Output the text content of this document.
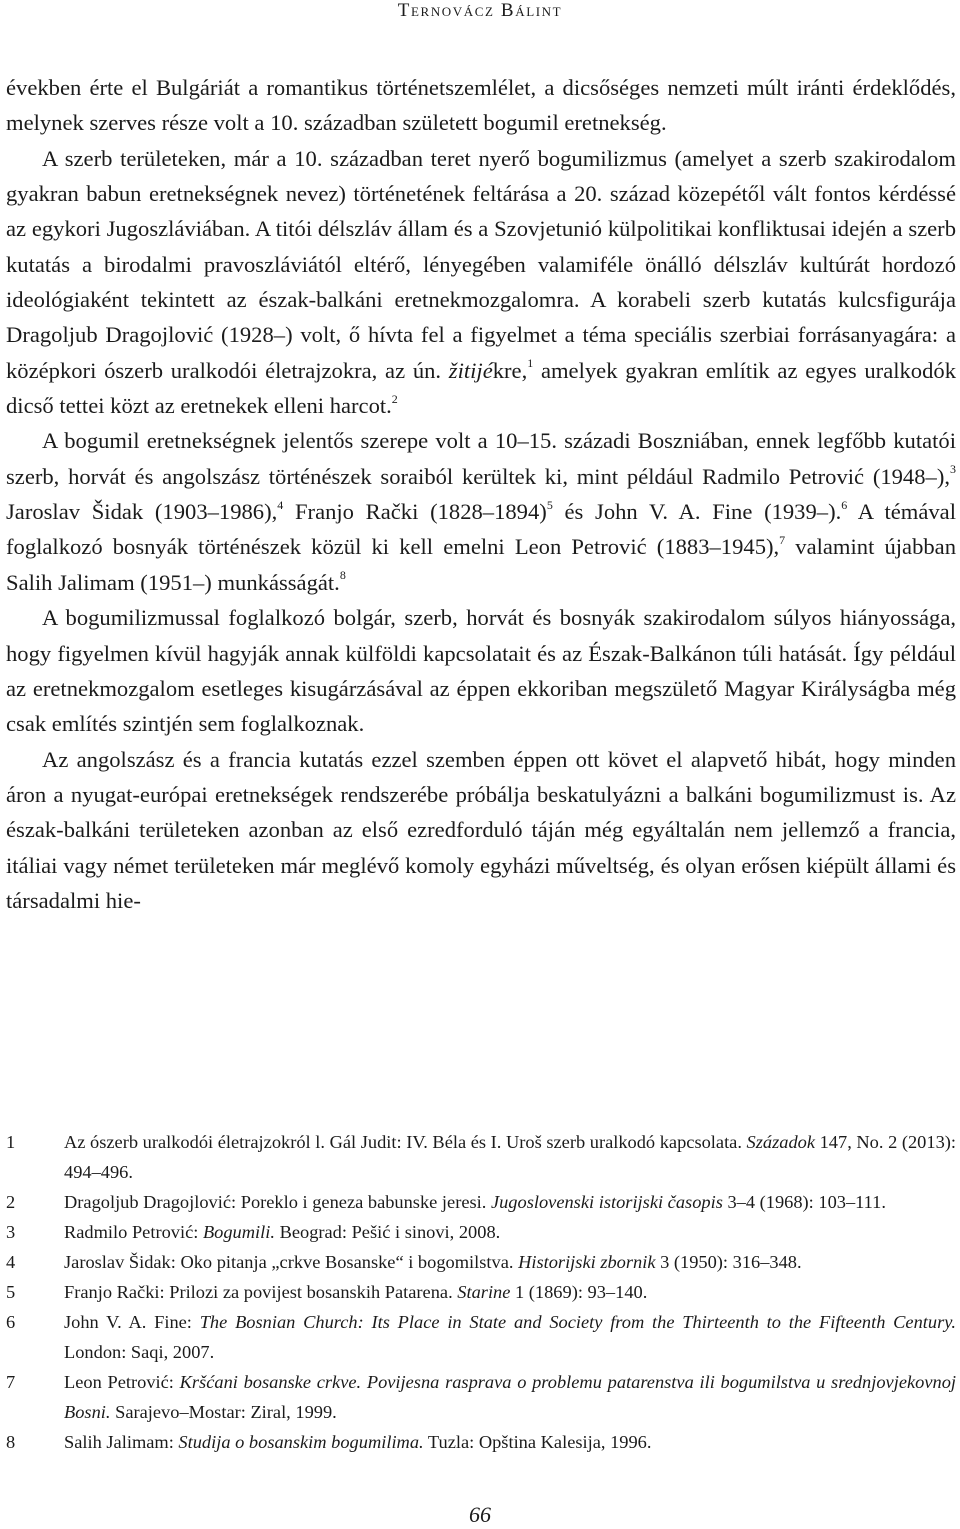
Ternovácz Bálint

években érte el Bulgáriát a romantikus történetszemlélet, a dicsőséges nemzeti múlt iránti érdeklődés, melynek szerves része volt a 10. században született bogumil eretnekség.

A szerb területeken, már a 10. században teret nyerő bogumilizmus (amelyet a szerb szakirodalom gyakran babun eretnekségnek nevez) történetének feltárása a 20. század közepétől vált fontos kérdéssé az egykori Jugoszláviában. A titói délszláv állam és a Szovjetunió külpolitikai konfliktusai idején a szerb kutatás a birodalmi pravoszláviától eltérő, lényegében valamiféle önálló délszláv kultúrát hordozó ideológiaként tekintett az észak-balkáni eretnekmozgalomra. A korabeli szerb kutatás kulcsfigurája Dragoljub Dragojlović (1928–) volt, ő hívta fel a figyelmet a téma speciális szerbiai forrásanyagára: a középkori ószerb uralkodói életrajzokra, az ún. žitijékre,$^1$ amelyek gyakran említik az egyes uralkodók dicső tettei közt az eretnekek elleni harcot.$^2$

A bogumil eretnekségnek jelentős szerepe volt a 10–15. századi Boszniában, ennek legfőbb kutatói szerb, horvát és angolszász történészek soraiból kerültek ki, mint például Radmilo Petrović (1948–),$^3$ Jaroslav Šidak (1903–1986),$^4$ Franjo Rački (1828–1894)$^5$ és John V. A. Fine (1939–).$^6$ A témával foglalkozó bosnyák történészek közül ki kell emelni Leon Petrović (1883–1945),$^7$ valamint újabban Salih Jalimam (1951–) munkásságát.$^8$

A bogumilizmussal foglalkozó bolgár, szerb, horvát és bosnyák szakirodalom súlyos hiányossága, hogy figyelmen kívül hagyják annak külföldi kapcsolatait és az Észak-Balkánon túli hatását. Így például az eretnekmozgalom esetleges kisugárzásával az éppen ekkoriban megszülető Magyar Királyságba még csak említés szintjén sem foglalkoznak.

Az angolszász és a francia kutatás ezzel szemben éppen ott követ el alapvető hibát, hogy minden áron a nyugat-európai eretnekségek rendszerébe próbálja beskatulyázni a balkáni bogumilizmust is. Az észak-balkáni területeken azonban az első ezredforduló táján még egyáltalán nem jellemző a francia, itáliai vagy német területeken már meglévő komoly egyházi műveltség, és olyan erősen kiépült állami és társadalmi hie-

1	Az ószerb uralkodói életrajzokról l. Gál Judit: IV. Béla és I. Uroš szerb uralkodó kapcsolata. Századok 147, No. 2 (2013): 494–496.
2	Dragoljub Dragojlović: Poreklo i geneza babunske jeresi. Jugoslovenski istorijski časopis 3–4 (1968): 103–111.
3	Radmilo Petrović: Bogumili. Beograd: Pešić i sinovi, 2008.
4	Jaroslav Šidak: Oko pitanja „crkve Bosanske“ i bogomilstva. Historijski zbornik 3 (1950): 316–348.
5	Franjo Rački: Prilozi za povijest bosanskih Patarena. Starine 1 (1869): 93–140.
6	John V. A. Fine: The Bosnian Church: Its Place in State and Society from the Thirteenth to the Fifteenth Century. London: Saqi, 2007.
7	Leon Petrović: Kršćani bosanske crkve. Povijesna rasprava o problemu patarenstva ili bogumilstva u srednjovjekovnoj Bosni. Sarajevo–Mostar: Ziral, 1999.
8	Salih Jalimam: Studija o bosanskim bogumilima. Tuzla: Opština Kalesija, 1996.
66
